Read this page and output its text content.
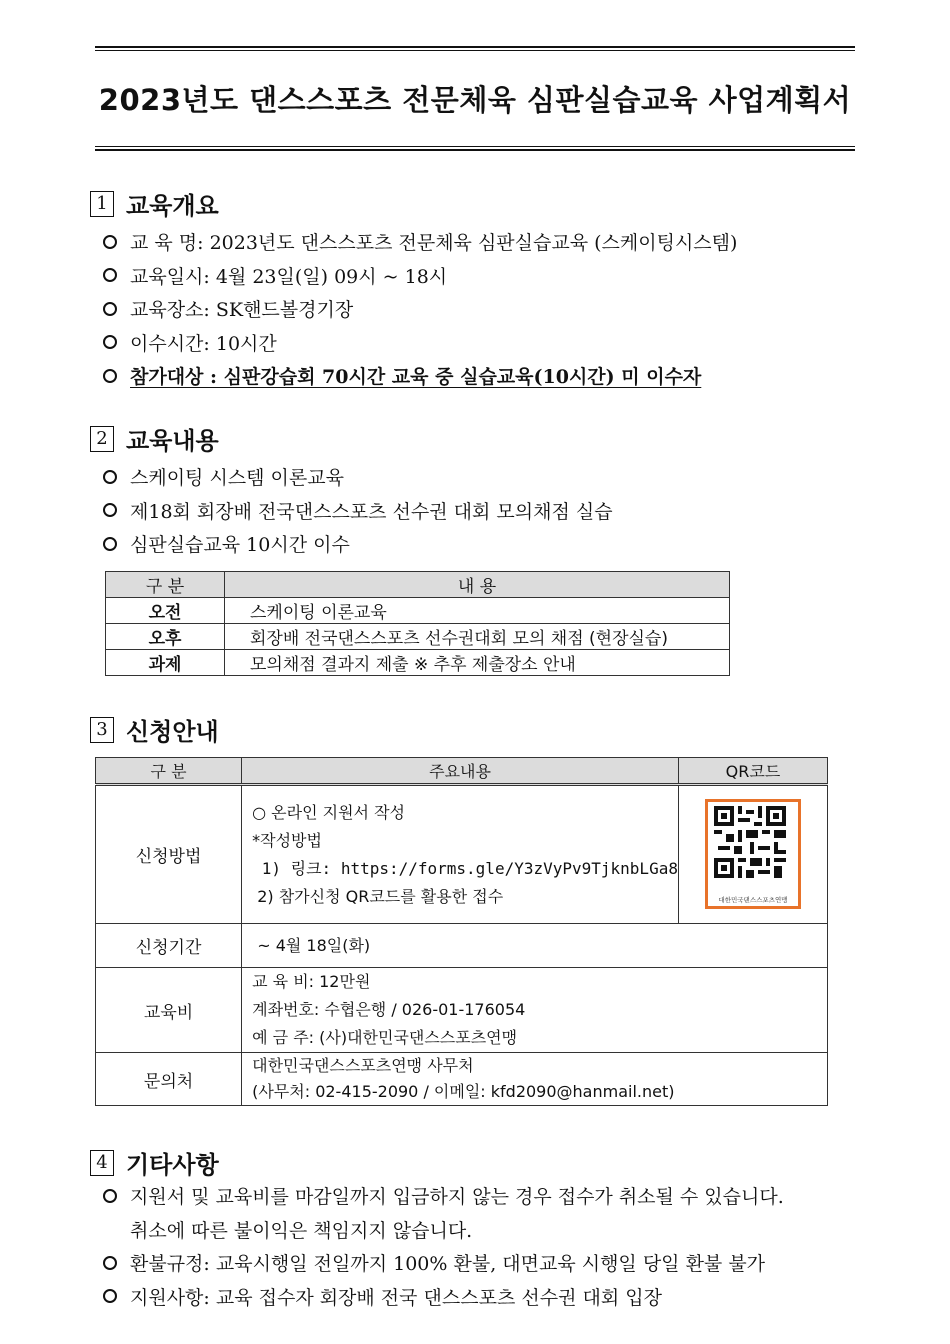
2023년도 댄스스포츠 전문체육 심판실습교육 사업계획서
1 교육개요
교 육 명: 2023년도 댄스스포츠 전문체육 심판실습교육 (스케이팅시스템)
교육일시: 4월 23일(일) 09시 ~ 18시
교육장소: SK핸드볼경기장
이수시간: 10시간
참가대상 : 심판강습회 70시간 교육 중 실습교육(10시간) 미 이수자
2 교육내용
스케이팅 시스템 이론교육
제18회 회장배 전국댄스스포츠 선수권 대회 모의채점 실습
심판실습교육 10시간 이수
구 분	내 용
오전	스케이팅 이론교육
오후	회장배 전국댄스스포츠 선수권대회 모의 채점 (현장실습)
과제	모의채점 결과지 제출 ※ 추후 제출장소 안내
3 신청안내
구 분	주요내용	QR코드
신청방법	○ 온라인 지원서 작성
*작성방법
1) 링크: https://forms.gle/Y3zVyPv9TjknbLGa8
2) 참가신청 QR코드를 활용한 접수	대한민국댄스스포츠연맹

신청기간	~ 4월 18일(화)	
교육비	교 육 비: 12만원
계좌번호: 수협은행 / 026-01-176054
예 금 주: (사)대한민국댄스스포츠연맹	

문의처	대한민국댄스스포츠연맹 사무처
(사무처: 02-415-2090 / 이메일: kfd2090@hanmail.net)	
4 기타사항
지원서 및 교육비를 마감일까지 입금하지 않는 경우 접수가 취소될 수 있습니다.
취소에 따른 불이익은 책임지지 않습니다.
환불규정: 교육시행일 전일까지 100% 환불, 대면교육 시행일 당일 환불 불가
지원사항: 교육 접수자 회장배 전국 댄스스포츠 선수권 대회 입장
